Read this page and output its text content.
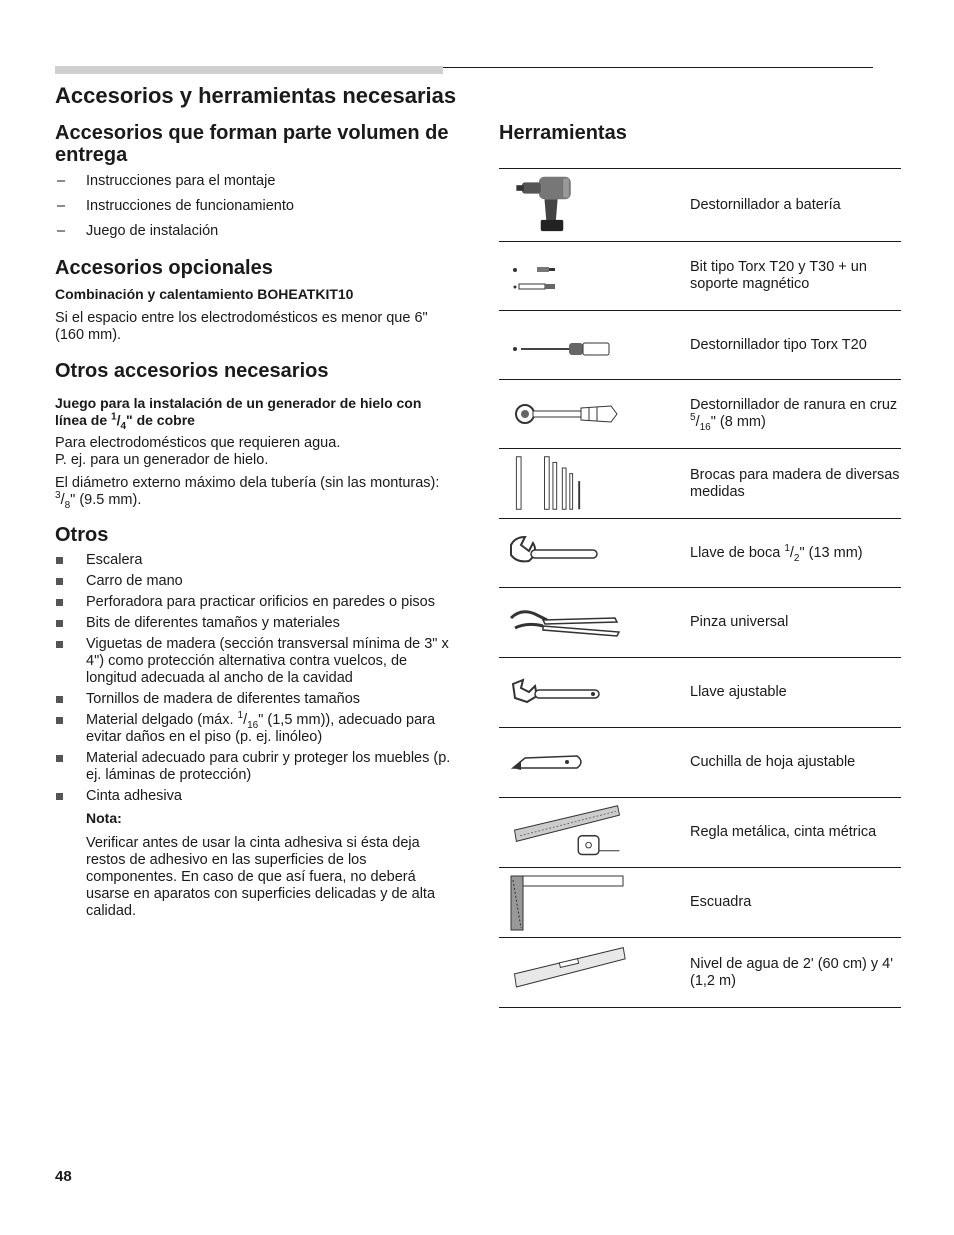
Accesorios y herramientas necesarias
Accesorios que forman parte volumen de entrega
– Instrucciones para el montaje
– Instrucciones de funcionamiento
– Juego de instalación
Accesorios opcionales

Combinación y calentamiento BOHEATKIT10

Si el espacio entre los electrodomésticos es menor que 6" (160 mm).

Otros accesorios necesarios

Juego para la instalación de un generador de hielo con línea de $^1/_4$" de cobre

Para electrodomésticos que requieren agua.
P. ej. para un generador de hielo.

El diámetro externo máximo dela tubería (sin las monturas): $^3/_8$" (9.5 mm).

Otros
Escalera
Carro de mano
Perforadora para practicar orificios en paredes o pisos
Bits de diferentes tamaños y materiales
Viguetas de madera (sección transversal mínima de 3" x 4") como protección alternativa contra vuelcos, de longitud adecuada al ancho de la cavidad
Tornillos de madera de diferentes tamaños
Material delgado (máx. $^1/_{16}$" (1,5 mm)), adecuado para evitar daños en el piso (p. ej. linóleo)
Material adecuado para cubrir y proteger los muebles (p. ej. láminas de protección)
Cinta adhesiva

Nota:

Verificar antes de usar la cinta adhesiva si ésta deja restos de adhesivo en las superficies de los componentes. En caso de que así fuera, no deberá usarse en aparatos con superficies delicadas y de alta calidad.

Herramientas
Destornillador a batería
Bit tipo Torx T20 y T30 + un soporte magnético
Destornillador tipo Torx T20
Destornillador de ranura en cruz $^5/_{16}$" (8 mm)
Brocas para madera de diversas medidas
Llave de boca $^1/_2$" (13 mm)
Pinza universal
Llave ajustable
Cuchilla de hoja ajustable
Regla metálica, cinta métrica
Escuadra
Nivel de agua de 2' (60 cm) y 4' (1,2 m)
48
